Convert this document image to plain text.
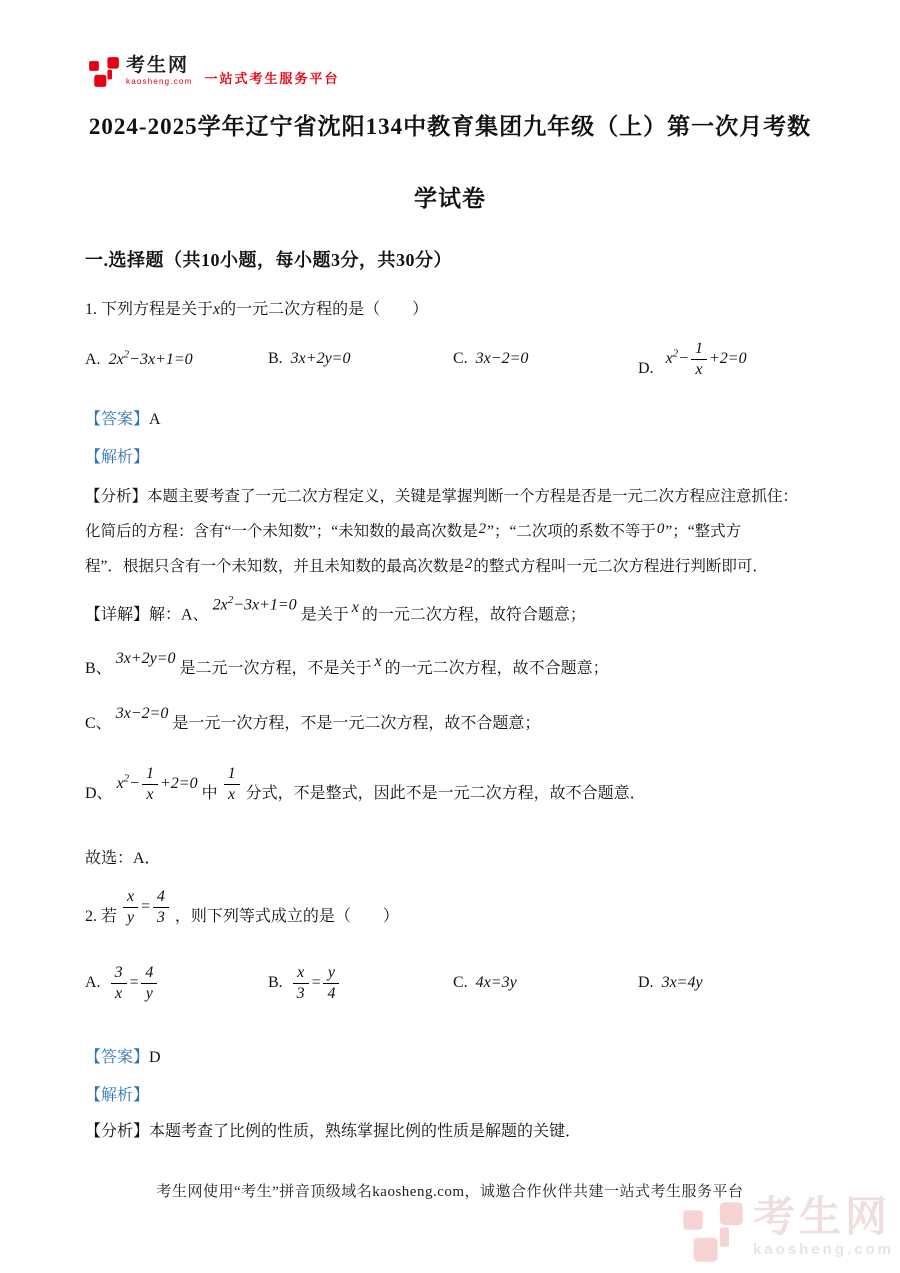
考生网
kaosheng.com 一站式考生服务平台
2024-2025学年辽宁省沈阳134中教育集团九年级（上）第一次月考数
学试卷
一.选择题（共10小题，每小题3分，共30分）
1. 下列方程是关于x的一元二次方程的是（　　）
A. $2x^2-3x+1=0$	B. 3x+2y=0	C. 3x−2=0
$D.x^2- \frac{1}{x} +2=0$
【答案】A
【解析】
【分析】本题主要考查了一元二次方程定义，关键是掌握判断一个方程是否是一元二次方程应注意抓住：
化简后的方程：含有“一个未知数”；“未知数的最高次数是2”；“二次项的系数不等于0”；“整式方
程”．根据只含有一个未知数，并且未知数的最高次数是2的整式方程叫一元二次方程进行判断即可．
【详解】解：A、$2x^2-3x+1=0$是关于 x 的一元二次方程，故符合题意；
B、3x+2y=0是二元一次方程，不是关于 x 的一元二次方程，故不合题意；
C、3x−2=0是一元一次方程，不是一元二次方程，故不合题意；
D、$x^2- \frac{1}{x} +2=0$中 $\frac{1}{x}$ 分式，不是整式，因此不是一元二次方程，故不合题意．
故选：A．
2. 若 $\frac{x}{y} = \frac{4}{3}$ ，则下列等式成立的是（　　）
A. $\frac{3}{x} = \frac{4}{y}$	B. $\frac{x}{3} = \frac{y}{4}$	C. 4x=3y	D. 3x=4y
【答案】D
【解析】
【分析】本题考查了比例的性质，熟练掌握比例的性质是解题的关键．
考生网使用“考生”拼音顶级域名kaosheng.com，诚邀合作伙伴共建一站式考生服务平台
考生网
kaosheng.com
